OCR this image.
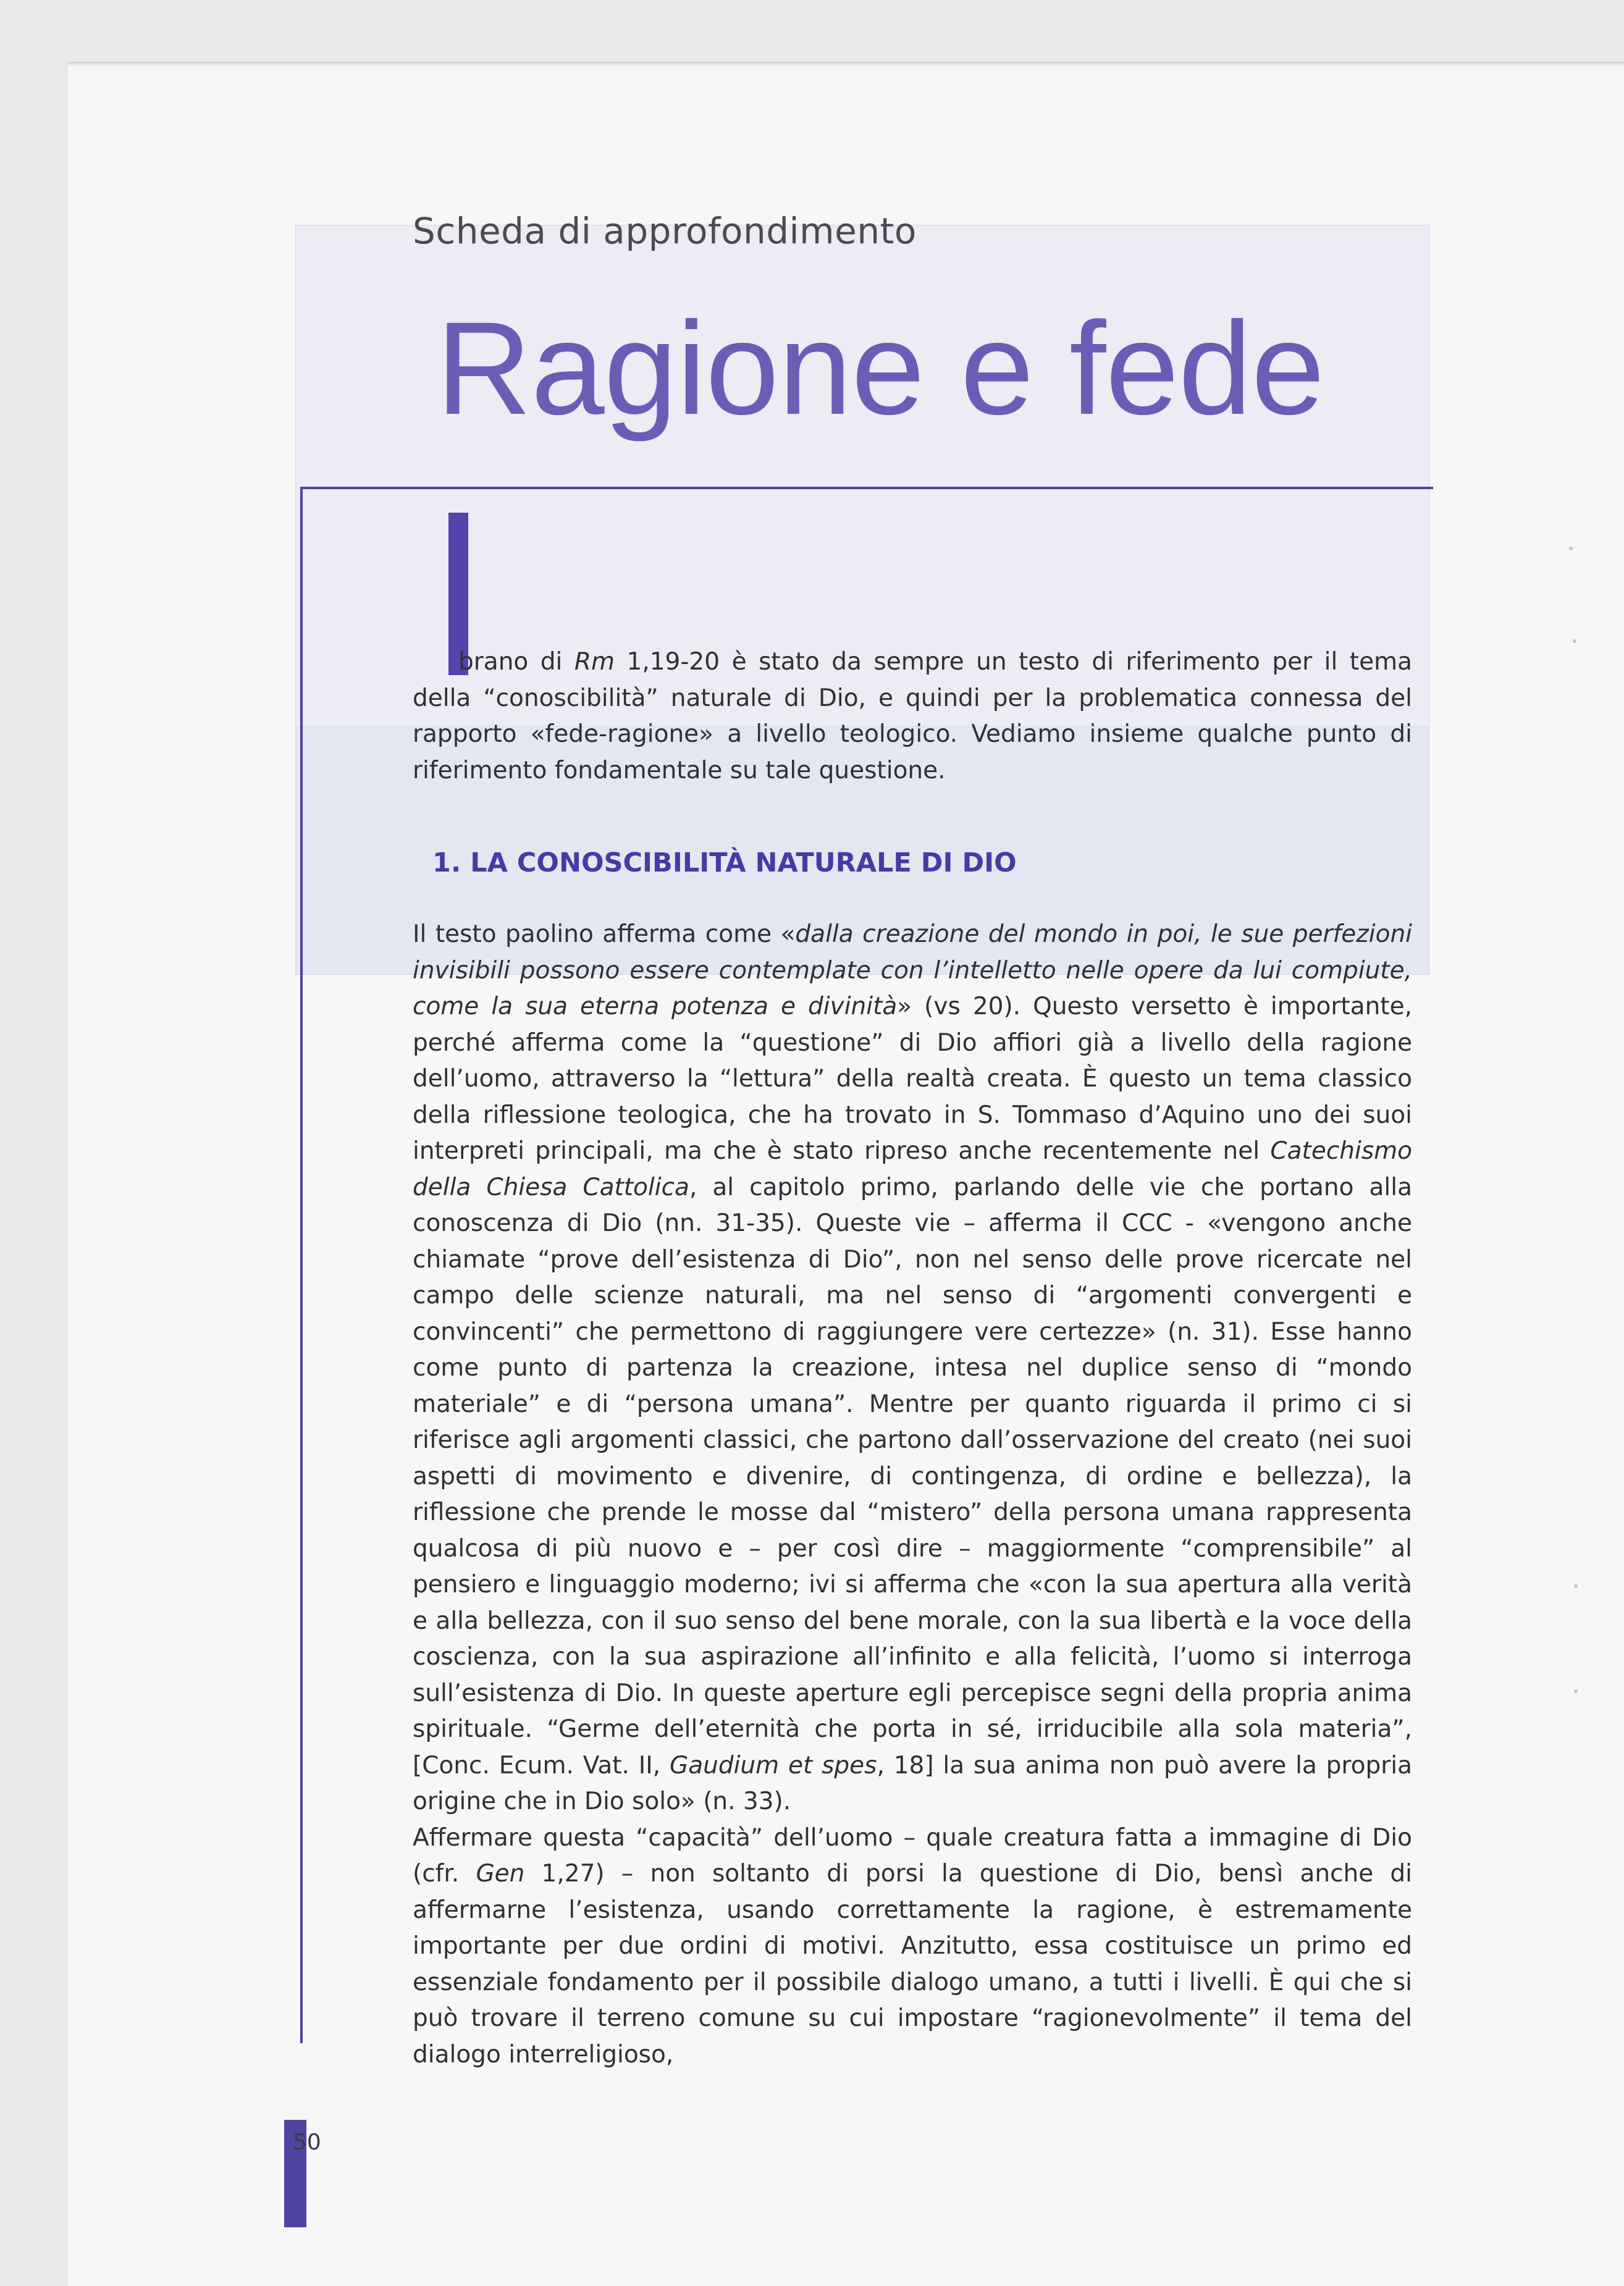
Scheda di approfondimento
Ragione e fede

brano di Rm 1,19-20 è stato da sempre un testo di riferimento per il tema della “conoscibilità” naturale di Dio, e quindi per la problematica connessa del rapporto «fede-ragione» a livello teologico. Vediamo insieme qualche punto di riferimento fondamentale su tale questione.

1. LA CONOSCIBILITÀ NATURALE DI DIO

Il testo paolino afferma come «dalla creazione del mondo in poi, le sue perfezioni invisibili possono essere contemplate con l’intelletto nelle opere da lui compiute, come la sua eterna potenza e divinità» (vs 20). Questo versetto è importante, perché afferma come la “questione” di Dio affiori già a livello della ragione dell’uomo, attraverso la “lettura” della realtà creata. È questo un tema classico della riflessione teologica, che ha trovato in S. Tommaso d’Aquino uno dei suoi interpreti principali, ma che è stato ripreso anche recentemente nel Catechismo della Chiesa Cattolica, al capitolo primo, parlando delle vie che portano alla conoscenza di Dio (nn. 31-35). Queste vie – afferma il CCC - «vengono anche chiamate “prove dell’esistenza di Dio”, non nel senso delle prove ricercate nel campo delle scienze naturali, ma nel senso di “argomenti convergenti e convincenti” che permettono di raggiungere vere certezze» (n. 31). Esse hanno come punto di partenza la creazione, intesa nel duplice senso di “mondo materiale” e di “persona umana”. Mentre per quanto riguarda il primo ci si riferisce agli argomenti classici, che partono dall’osservazione del creato (nei suoi aspetti di movimento e divenire, di contingenza, di ordine e bellezza), la riflessione che prende le mosse dal “mistero” della persona umana rappresenta qualcosa di più nuovo e – per così dire – maggiormente “comprensibile” al pensiero e linguaggio moderno; ivi si afferma che «con la sua apertura alla verità e alla bellezza, con il suo senso del bene morale, con la sua libertà e la voce della coscienza, con la sua aspirazione all’infinito e alla felicità, l’uomo si interroga sull’esistenza di Dio. In queste aperture egli percepisce segni della propria anima spirituale. “Germe dell’eternità che porta in sé, irriducibile alla sola materia”, [Conc. Ecum. Vat. II, Gaudium et spes, 18] la sua anima non può avere la propria origine che in Dio solo» (n. 33).

Affermare questa “capacità” dell’uomo – quale creatura fatta a immagine di Dio (cfr. Gen 1,27) – non soltanto di porsi la questione di Dio, bensì anche di affermarne l’esistenza, usando correttamente la ragione, è estremamente importante per due ordini di motivi. Anzitutto, essa costituisce un primo ed essenziale fondamento per il possibile dialogo umano, a tutti i livelli. È qui che si può trovare il terreno comune su cui impostare “ragionevolmente” il tema del dialogo interreligioso,

50
